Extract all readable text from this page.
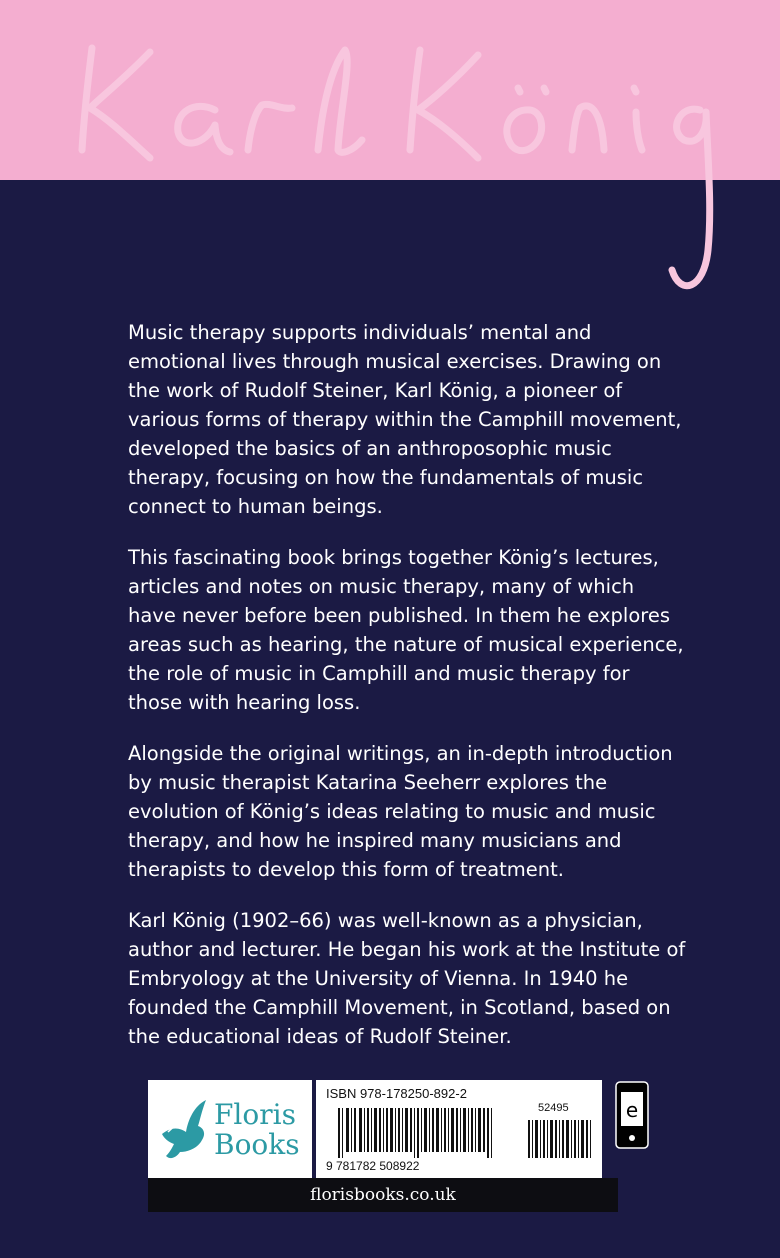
Music therapy supports individuals’ mental and emotional lives through musical exercises. Drawing on the work of Rudolf Steiner, Karl König, a pioneer of various forms of therapy within the Camphill movement, developed the basics of an anthroposophic music therapy, focusing on how the fundamentals of music connect to human beings.

This fascinating book brings together König’s lectures, articles and notes on music therapy, many of which have never before been published. In them he explores areas such as hearing, the nature of musical experience, the role of music in Camphill and music therapy for those with hearing loss.

Alongside the original writings, an in-depth introduction by music therapist Katarina Seeherr explores the evolution of König’s ideas relating to music and music therapy, and how he inspired many musicians and therapists to develop this form of treatment.

Karl König (1902–66) was well-known as a physician, author and lecturer. He began his work at the Institute of Embryology at the University of Vienna. In 1940 he founded the Camphill Movement, in Scotland, based on the educational ideas of Rudolf Steiner.

Floris
Books
ISBN 978-178250-892-2
52495
9 781782 508922
e
florisbooks.co.uk
